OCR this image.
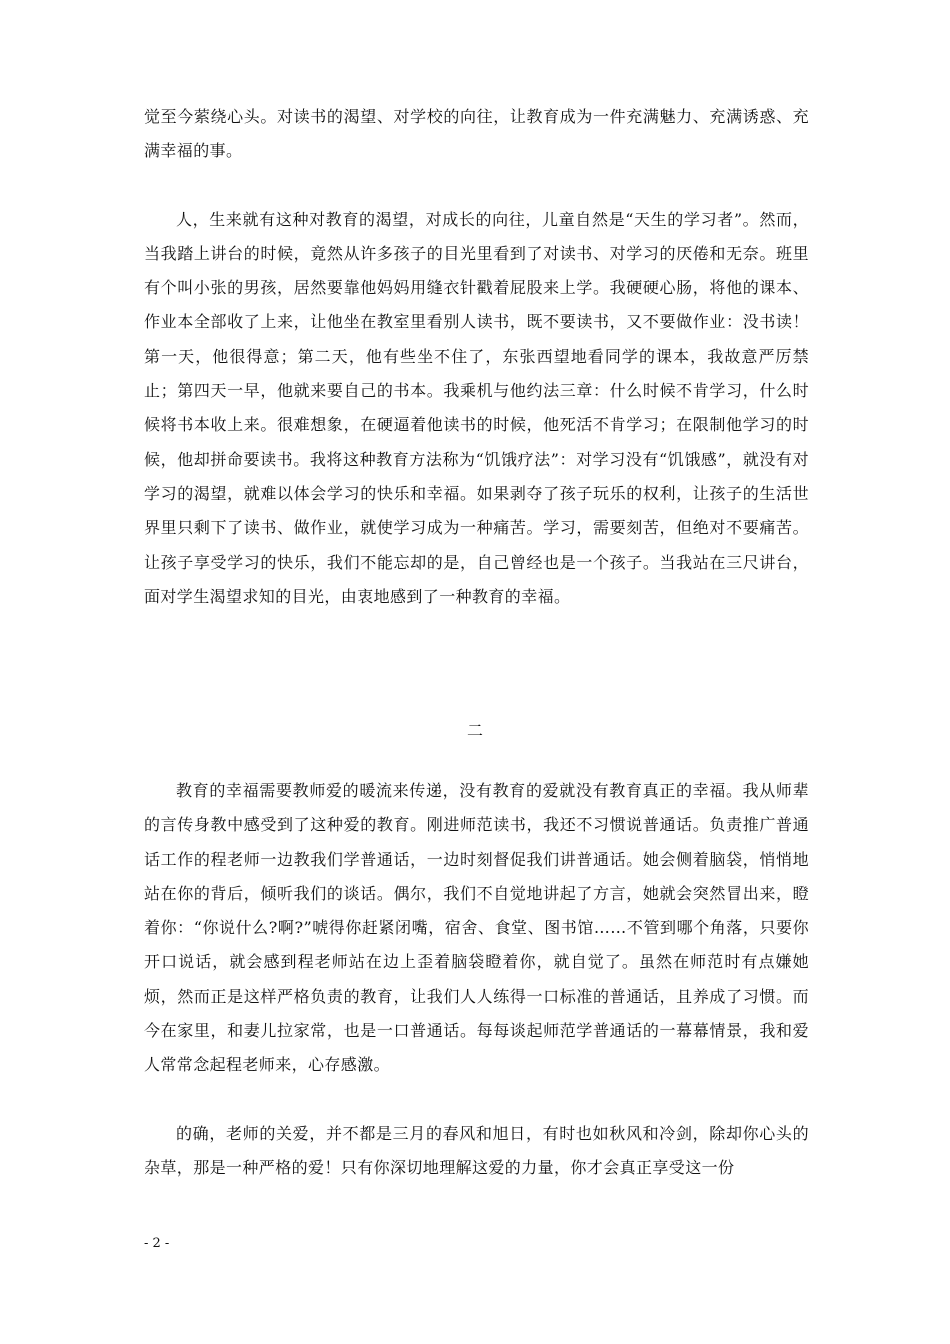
觉至今萦绕心头。对读书的渴望、对学校的向往，让教育成为一件充满魅力、充满诱惑、充满幸福的事。

人，生来就有这种对教育的渴望，对成长的向往，儿童自然是“天生的学习者”。然而，当我踏上讲台的时候，竟然从许多孩子的目光里看到了对读书、对学习的厌倦和无奈。班里有个叫小张的男孩，居然要靠他妈妈用缝衣针戳着屁股来上学。我硬硬心肠，将他的课本、作业本全部收了上来，让他坐在教室里看别人读书，既不要读书，又不要做作业：没书读！第一天，他很得意；第二天，他有些坐不住了，东张西望地看同学的课本，我故意严厉禁止；第四天一早，他就来要自己的书本。我乘机与他约法三章：什么时候不肯学习，什么时候将书本收上来。很难想象，在硬逼着他读书的时候，他死活不肯学习；在限制他学习的时候，他却拼命要读书。我将这种教育方法称为“饥饿疗法”：对学习没有“饥饿感”，就没有对学习的渴望，就难以体会学习的快乐和幸福。如果剥夺了孩子玩乐的权利，让孩子的生活世界里只剩下了读书、做作业，就使学习成为一种痛苦。学习，需要刻苦，但绝对不要痛苦。让孩子享受学习的快乐，我们不能忘却的是，自己曾经也是一个孩子。当我站在三尺讲台，面对学生渴望求知的目光，由衷地感到了一种教育的幸福。

二

教育的幸福需要教师爱的暖流来传递，没有教育的爱就没有教育真正的幸福。我从师辈的言传身教中感受到了这种爱的教育。刚进师范读书，我还不习惯说普通话。负责推广普通话工作的程老师一边教我们学普通话，一边时刻督促我们讲普通话。她会侧着脑袋，悄悄地站在你的背后，倾听我们的谈话。偶尔，我们不自觉地讲起了方言，她就会突然冒出来，瞪着你：“你说什么?啊?”唬得你赶紧闭嘴，宿舍、食堂、图书馆……不管到哪个角落，只要你开口说话，就会感到程老师站在边上歪着脑袋瞪着你，就自觉了。虽然在师范时有点嫌她烦，然而正是这样严格负责的教育，让我们人人练得一口标准的普通话，且养成了习惯。而今在家里，和妻儿拉家常，也是一口普通话。每每谈起师范学普通话的一幕幕情景，我和爱人常常念起程老师来，心存感激。

的确，老师的关爱，并不都是三月的春风和旭日，有时也如秋风和冷剑，除却你心头的杂草，那是一种严格的爱！只有你深切地理解这爱的力量，你才会真正享受这一份

- 2 -
